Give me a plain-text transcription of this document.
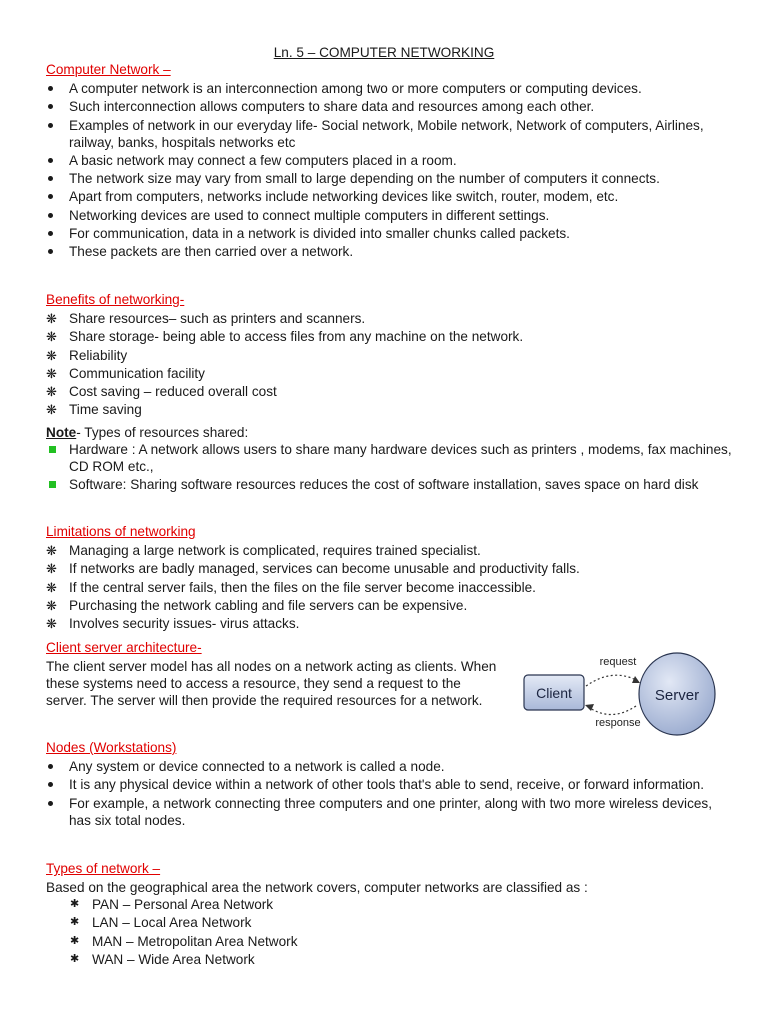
Ln. 5 – COMPUTER NETWORKING
Computer Network –
A computer network is an interconnection among two or more computers or computing devices.
Such interconnection allows computers to share data and resources among each other.
Examples of network in our everyday life- Social network, Mobile network, Network of computers, Airlines, railway, banks, hospitals networks etc
A basic network may connect a few computers placed in a room.
The network size may vary from small to large depending on the number of computers it connects.
Apart from computers, networks include networking devices like switch, router, modem, etc.
Networking devices are used to connect multiple computers in different settings.
For communication, data in a network is divided into smaller chunks called packets.
These packets are then carried over a network.
Benefits of networking-
❋ Share resources– such as printers and scanners.
❋ Share storage- being able to access files from any machine on the network.
❋ Reliability
❋ Communication facility
❋ Cost saving – reduced overall cost
❋ Time saving

Note- Types of resources shared:

Hardware : A network allows users to share many hardware devices such as printers , modems, fax machines, CD ROM etc.,
Software: Sharing software resources reduces the cost of software installation, saves space on hard disk
Limitations of networking
❋ Managing a large network is complicated, requires trained specialist.
❋ If networks are badly managed, services can become unusable and productivity falls.
❋ If the central server fails, then the files on the file server become inaccessible.
❋ Purchasing the network cabling and file servers can be expensive.
❋ Involves security issues- virus attacks.
Client server architecture-

The client server model has all nodes on a network acting as clients. When these systems need to access a resource, they send a request to the server. The server will then provide the required resources for a network.	Client	Server
request
response
Nodes (Workstations)
Any system or device connected to a network is called a node.
It is any physical device within a network of other tools that's able to send, receive, or forward information.
For example, a network connecting three computers and one printer, along with two more wireless devices, has six total nodes.
Types of network –

Based on the geographical area the network covers, computer networks are classified as :

✱ PAN – Personal Area Network
✱ LAN – Local Area Network
✱ MAN – Metropolitan Area Network
✱ WAN – Wide Area Network
